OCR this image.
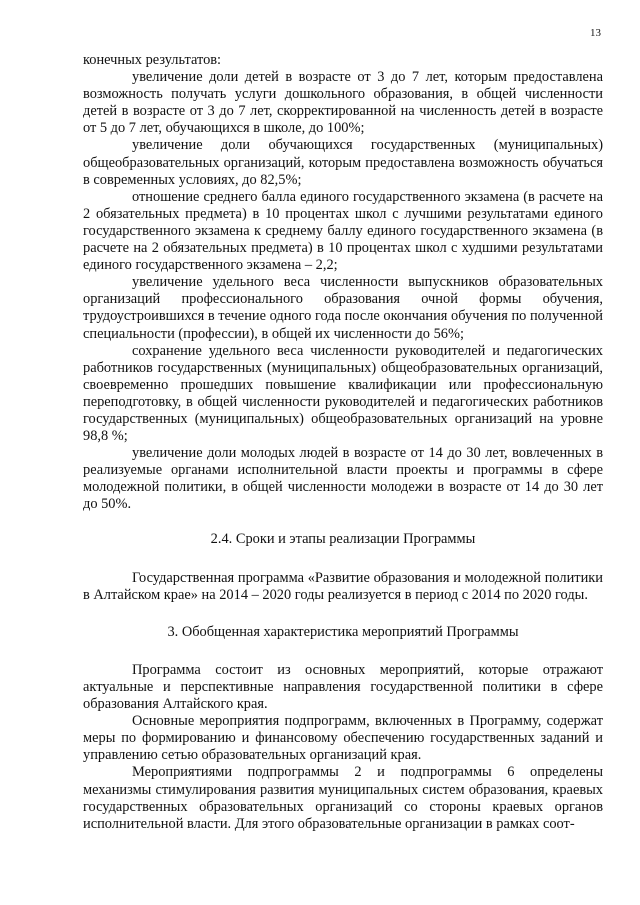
13

конечных результатов:

увеличение доли детей в возрасте от 3 до 7 лет, которым предоставлена возможность получать услуги дошкольного образования, в общей численности детей в возрасте от 3 до 7 лет, скорректированной на численность детей в возрасте от 5 до 7 лет, обучающихся в школе, до 100%;

увеличение доли обучающихся государственных (муниципальных) общеобразовательных организаций, которым предоставлена возможность обучаться в современных условиях, до 82,5%;

отношение среднего балла единого государственного экзамена (в расчете на 2 обязательных предмета) в 10 процентах школ с лучшими результатами единого государственного экзамена к среднему баллу единого государственного экзамена (в расчете на 2 обязательных предмета) в 10 процентах школ с худшими результатами единого государственного экзамена – 2,2;

увеличение удельного веса численности выпускников образовательных организаций профессионального образования очной формы обучения, трудоустроившихся в течение одного года после окончания обучения по полученной специальности (профессии), в общей их численности до 56%;

сохранение удельного веса численности руководителей и педагогических работников государственных (муниципальных) общеобразовательных организаций, своевременно прошедших повышение квалификации или профессиональную переподготовку, в общей численности руководителей и педагогических работников государственных (муниципальных) общеобразовательных организаций на уровне 98,8 %;

увеличение доли молодых людей в возрасте от 14 до 30 лет, вовлеченных в реализуемые органами исполнительной власти проекты и программы в сфере молодежной политики, в общей численности молодежи в возрасте от 14 до 30 лет до 50%.

2.4. Сроки и этапы реализации Программы

Государственная программа «Развитие образования и молодежной политики в Алтайском крае» на 2014 – 2020 годы реализуется в период с 2014 по 2020 годы.

3. Обобщенная характеристика мероприятий Программы

Программа состоит из основных мероприятий, которые отражают актуальные и перспективные направления государственной политики в сфере образования Алтайского края.

Основные мероприятия подпрограмм, включенных в Программу, содержат меры по формированию и финансовому обеспечению государственных заданий и управлению сетью образовательных организаций края.

Мероприятиями подпрограммы 2 и подпрограммы 6 определены механизмы стимулирования развития муниципальных систем образования, краевых государственных образовательных организаций со стороны краевых органов исполнительной власти. Для этого образовательные организации в рамках соот-
